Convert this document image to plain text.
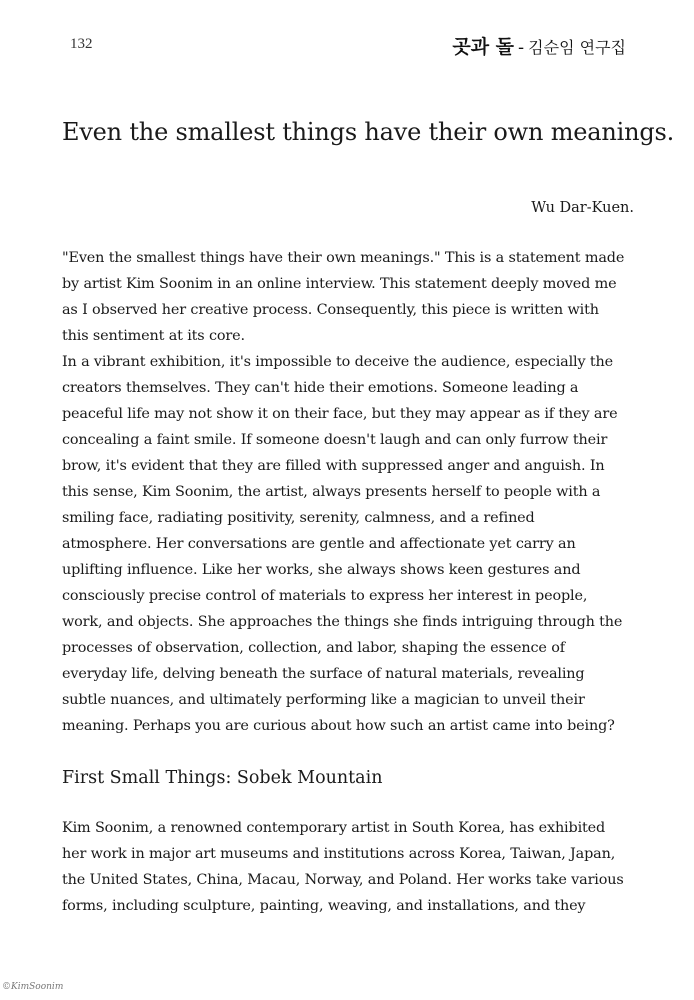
132	곳과 돌 - 김순임 연구집
Even the smallest things have their own meanings.
Wu Dar-Kuen.

"Even the smallest things have their own meanings." This is a statement made by artist Kim Soonim in an online interview. This statement deeply moved me as I observed her creative process. Consequently, this piece is written with this sentiment at its core.

In a vibrant exhibition, it's impossible to deceive the audience, especially the creators themselves. They can't hide their emotions. Someone leading a peaceful life may not show it on their face, but they may appear as if they are concealing a faint smile. If someone doesn't laugh and can only furrow their brow, it's evident that they are filled with suppressed anger and anguish. In this sense, Kim Soonim, the artist, always presents herself to people with a smiling face, radiating positivity, serenity, calmness, and a refined atmosphere. Her conversations are gentle and affectionate yet carry an uplifting influence. Like her works, she always shows keen gestures and consciously precise control of materials to express her interest in people, work, and objects. She approaches the things she finds intriguing through the processes of observation, collection, and labor, shaping the essence of everyday life, delving beneath the surface of natural materials, revealing subtle nuances, and ultimately performing like a magician to unveil their meaning. Perhaps you are curious about how such an artist came into being?

First Small Things: Sobek Mountain

Kim Soonim, a renowned contemporary artist in South Korea, has exhibited her work in major art museums and institutions across Korea, Taiwan, Japan, the United States, China, Macau, Norway, and Poland. Her works take various forms, including sculpture, painting, weaving, and installations, and they

©KimSoonim
